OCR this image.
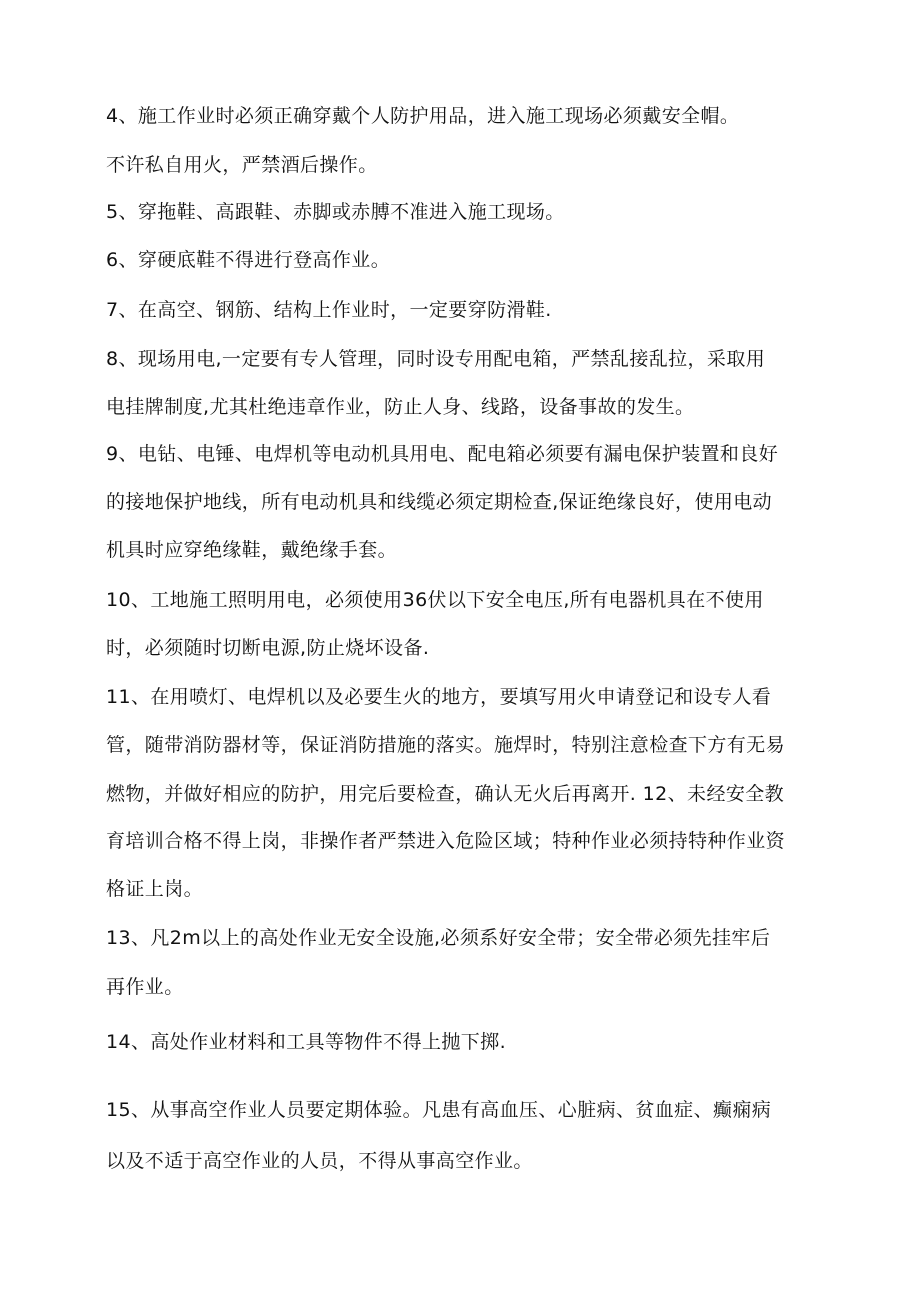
4、施工作业时必须正确穿戴个人防护用品，进入施工现场必须戴安全帽。
不许私自用火，严禁酒后操作。
5、穿拖鞋、高跟鞋、赤脚或赤膊不准进入施工现场。
6、穿硬底鞋不得进行登高作业。
7、在高空、钢筋、结构上作业时，一定要穿防滑鞋.
8、现场用电,一定要有专人管理，同时设专用配电箱，严禁乱接乱拉，采取用
电挂牌制度,尤其杜绝违章作业，防止人身、线路，设备事故的发生。
9、电钻、电锤、电焊机等电动机具用电、配电箱必须要有漏电保护装置和良好
的接地保护地线，所有电动机具和线缆必须定期检查,保证绝缘良好，使用电动
机具时应穿绝缘鞋，戴绝缘手套。
10、工地施工照明用电，必须使用36伏以下安全电压,所有电器机具在不使用
时，必须随时切断电源,防止烧坏设备.
11、在用喷灯、电焊机以及必要生火的地方，要填写用火申请登记和设专人看
管，随带消防器材等，保证消防措施的落实。施焊时，特别注意检查下方有无易
燃物，并做好相应的防护，用完后要检查，确认无火后再离开. 12、未经安全教
育培训合格不得上岗，非操作者严禁进入危险区域；特种作业必须持特种作业资
格证上岗。
13、凡2m以上的高处作业无安全设施,必须系好安全带；安全带必须先挂牢后
再作业。
14、高处作业材料和工具等物件不得上抛下掷.
15、从事高空作业人员要定期体验。凡患有高血压、心脏病、贫血症、癫痫病
以及不适于高空作业的人员，不得从事高空作业。
